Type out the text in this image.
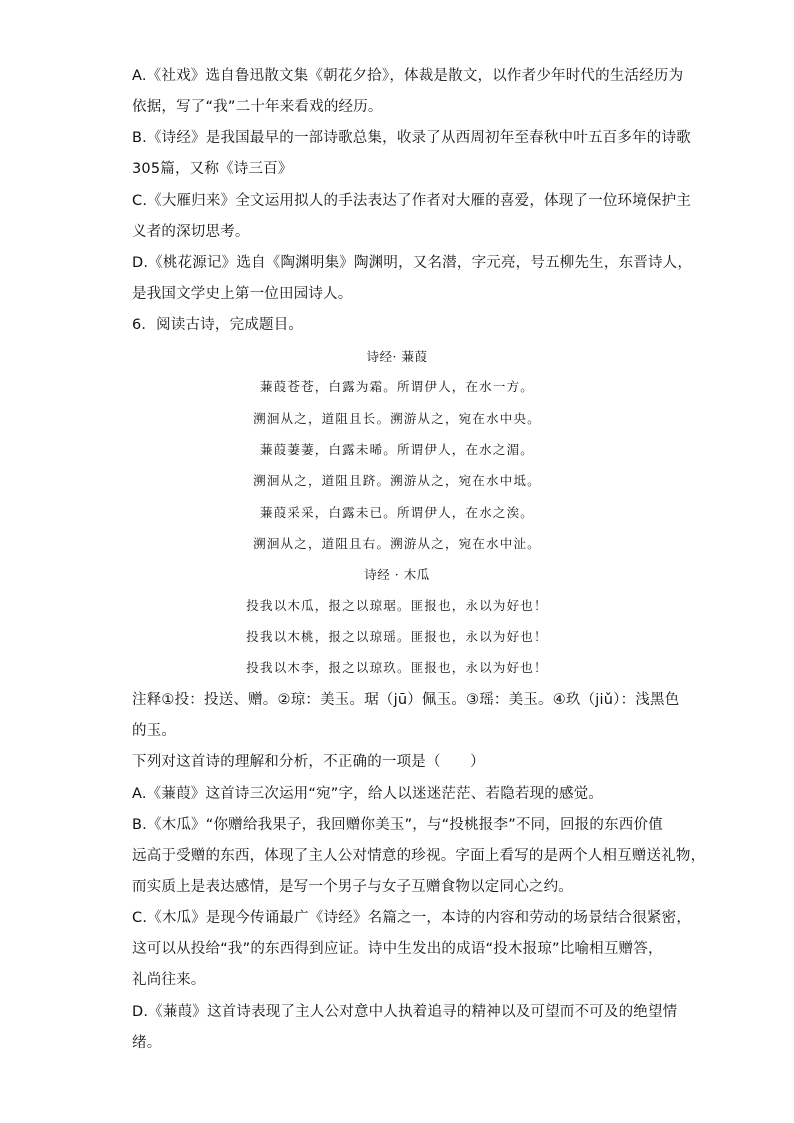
A.《社戏》选自鲁迅散文集《朝花夕拾》，体裁是散文，以作者少年时代的生活经历为
依据，写了“我”二十年来看戏的经历。
B.《诗经》是我国最早的一部诗歌总集，收录了从西周初年至春秋中叶五百多年的诗歌
305篇，又称《诗三百》
C.《大雁归来》全文运用拟人的手法表达了作者对大雁的喜爱，体现了一位环境保护主
义者的深切思考。
D.《桃花源记》选自《陶渊明集》陶渊明，又名潜，字元亮，号五柳先生，东晋诗人，
是我国文学史上第一位田园诗人。
6．阅读古诗，完成题目。
诗经· 蒹葭
蒹葭苍苍，白露为霜。所谓伊人，在水一方。
溯洄从之，道阻且长。溯游从之，宛在水中央。
蒹葭萋萋，白露未晞。所谓伊人，在水之湄。
溯洄从之，道阻且跻。溯游从之，宛在水中坻。
蒹葭采采，白露未已。所谓伊人，在水之涘。
溯洄从之，道阻且右。溯游从之，宛在水中沚。
诗经 · 木瓜
投我以木瓜，报之以琼琚。匪报也，永以为好也！
投我以木桃，报之以琼瑶。匪报也，永以为好也！
投我以木李，报之以琼玖。匪报也，永以为好也！
注释①投：投送、赠。②琼：美玉。琚（jū）佩玉。③瑶：美玉。④玖（jiǔ）：浅黑色
的玉。
下列对这首诗的理解和分析，不正确的一项是（　　）
A.《蒹葭》这首诗三次运用“宛”字，给人以迷迷茫茫、若隐若现的感觉。
B.《木瓜》“你赠给我果子，我回赠你美玉”，与“投桃报李”不同，回报的东西价值
远高于受赠的东西，体现了主人公对情意的珍视。字面上看写的是两个人相互赠送礼物，
而实质上是表达感情，是写一个男子与女子互赠食物以定同心之约。
C.《木瓜》是现今传诵最广《诗经》名篇之一，本诗的内容和劳动的场景结合很紧密，
这可以从投给“我”的东西得到应证。诗中生发出的成语“投木报琼”比喻相互赠答，
礼尚往来。
D.《蒹葭》这首诗表现了主人公对意中人执着追寻的精神以及可望而不可及的绝望情
绪。
